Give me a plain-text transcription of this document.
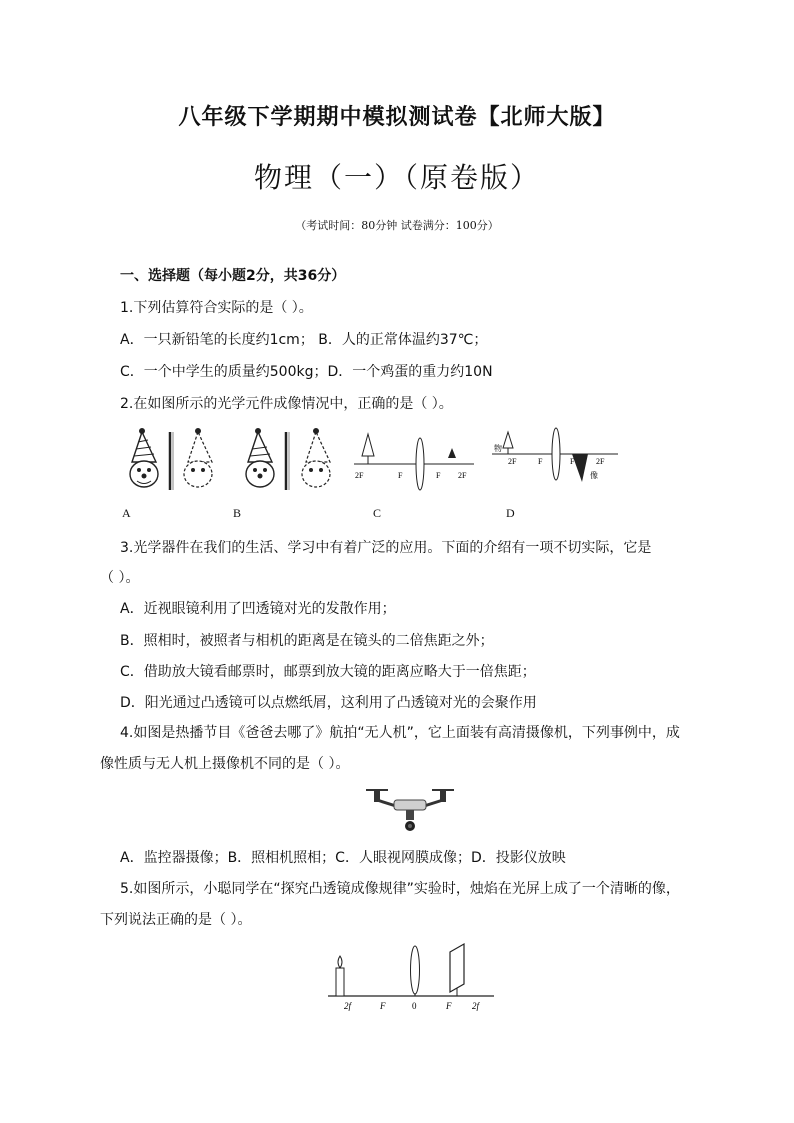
八年级下学期期中模拟测试卷【北师大版】
物理（一）（原卷版）
（考试时间：80分钟 试卷满分：100分）
一、选择题（每小题2分，共36分）
1.下列估算符合实际的是（ ）。
A．一只新铅笔的长度约1cm； B．人的正常体温约37℃；
C．一个中学生的质量约500kg；D．一个鸡蛋的重力约10N
2.在如图所示的光学元件成像情况中，正确的是（ ）。
2F	F	F 2F
物
2F	F	F	2F
像
A	B	C	D
3.光学器件在我们的生活、学习中有着广泛的应用。下面的介绍有一项不切实际，它是
（ ）。
A．近视眼镜利用了凹透镜对光的发散作用；
B．照相时，被照者与相机的距离是在镜头的二倍焦距之外；
C．借助放大镜看邮票时，邮票到放大镜的距离应略大于一倍焦距；
D．阳光通过凸透镜可以点燃纸屑，这利用了凸透镜对光的会聚作用
4.如图是热播节目《爸爸去哪了》航拍“无人机”，它上面装有高清摄像机，下列事例中，成
像性质与无人机上摄像机不同的是（ ）。
A．监控器摄像；B．照相机照相；C．人眼视网膜成像；D．投影仪放映
5.如图所示，小聪同学在“探究凸透镜成像规律”实验时，烛焰在光屏上成了一个清晰的像，
下列说法正确的是（ ）。
2f	F	0	F 2f
